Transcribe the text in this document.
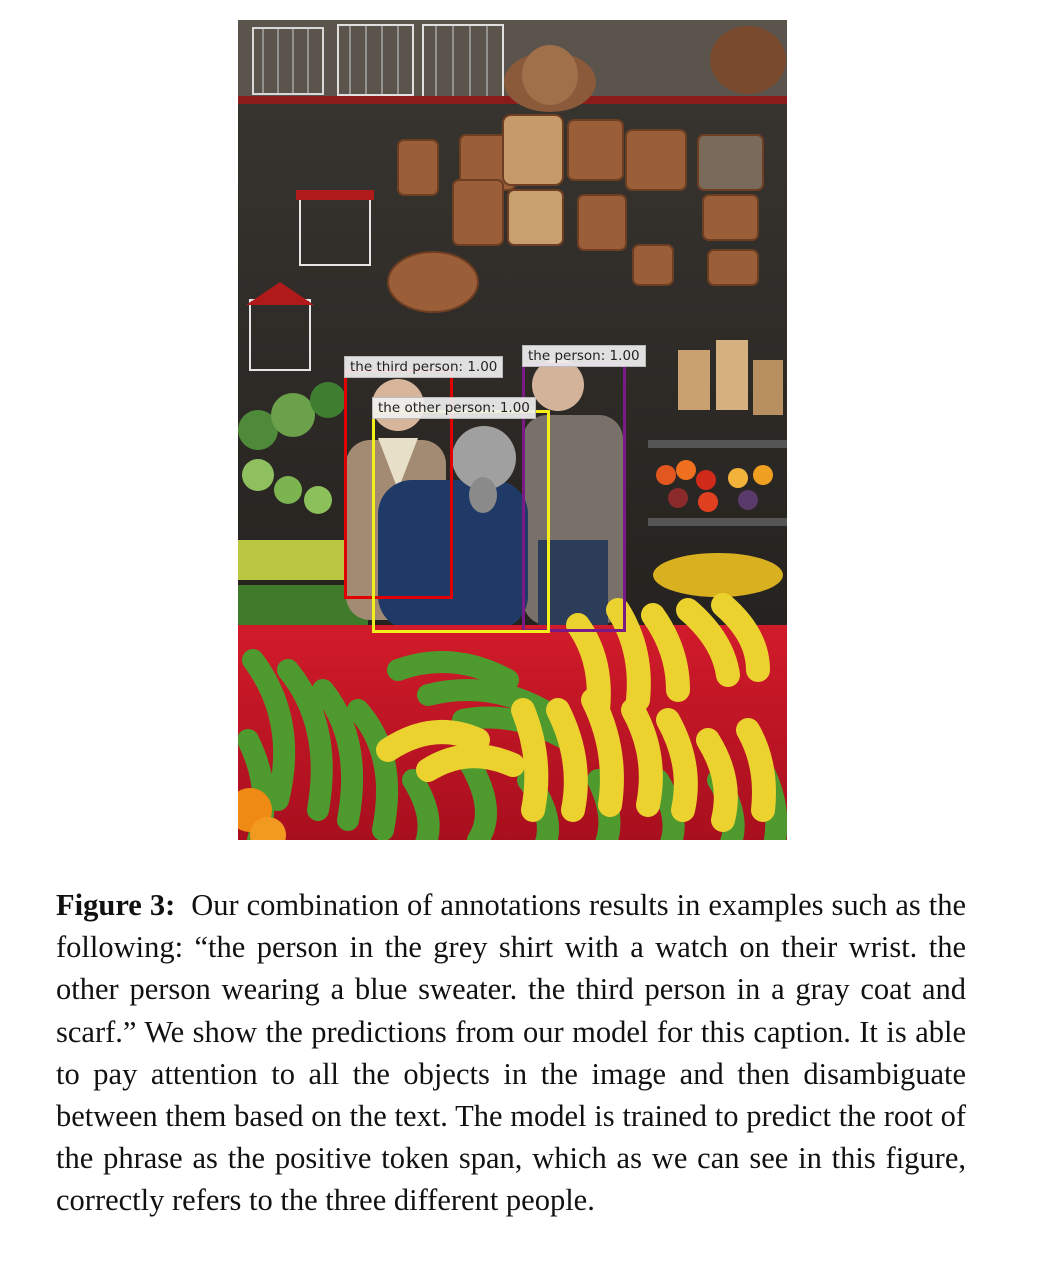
the third person: 1.00
the person: 1.00
the other person: 1.00

Figure 3: Our combination of annotations results in examples such as the following: “the person in the grey shirt with a watch on their wrist. the other person wearing a blue sweater. the third person in a gray coat and scarf.” We show the predictions from our model for this caption. It is able to pay attention to all the objects in the image and then disambiguate between them based on the text. The model is trained to predict the root of the phrase as the positive token span, which as we can see in this figure, correctly refers to the three different people.
